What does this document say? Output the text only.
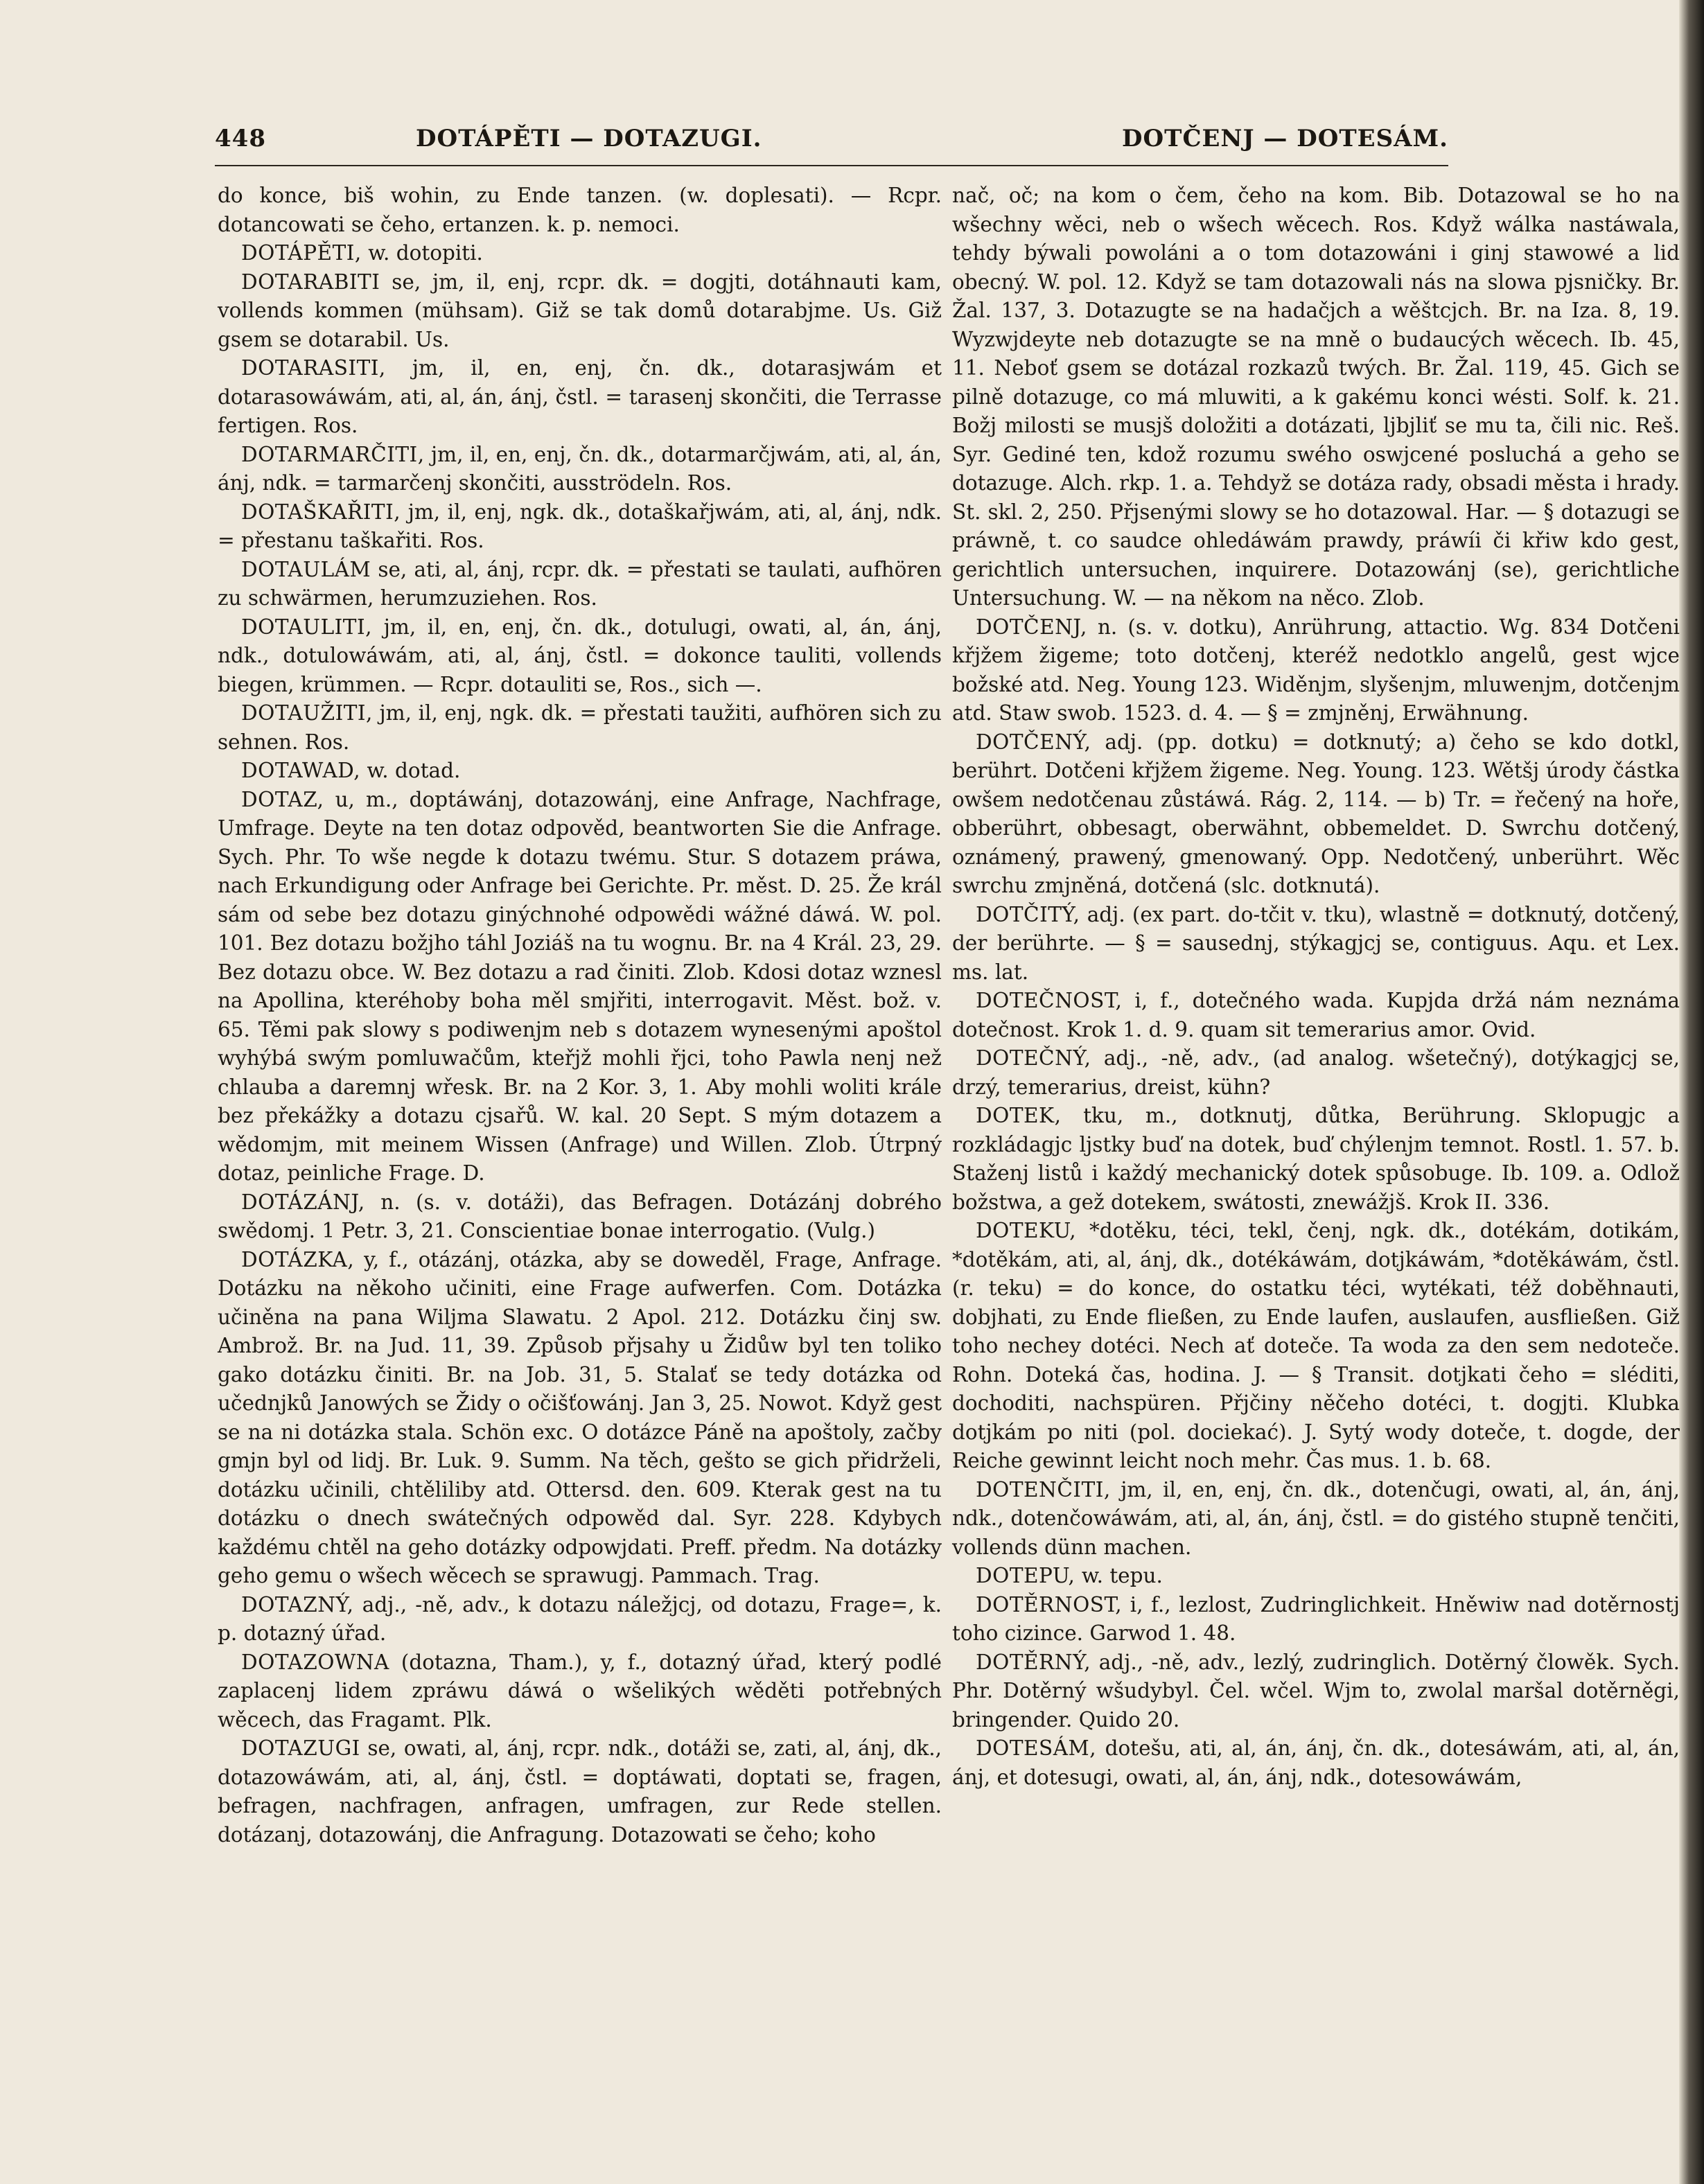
448	DOTÁPĚTI — DOTAZUGI.	DOTČENJ — DOTESÁM.

do konce, biš wohin, zu Ende tanzen. (w. doplesati). — Rcpr. dotancowati se čeho, ertanzen. k. p. nemoci.

DOTÁPĚTI, w. dotopiti.

DOTARABITI se, jm, il, enj, rcpr. dk. = dogjti, dotáhnauti kam, vollends kommen (mühsam). Giž se tak domů dotarabjme. Us. Giž gsem se dotarabil. Us.

DOTARASITI, jm, il, en, enj, čn. dk., dotarasjwám et dotarasowáwám, ati, al, án, ánj, čstl. = tarasenj skončiti, die Terrasse fertigen. Ros.

DOTARMARČITI, jm, il, en, enj, čn. dk., dotarmarčjwám, ati, al, án, ánj, ndk. = tarmarčenj skončiti, ausströdeln. Ros.

DOTAŠKAŘITI, jm, il, enj, ngk. dk., dotaškařjwám, ati, al, ánj, ndk. = přestanu taškařiti. Ros.

DOTAULÁM se, ati, al, ánj, rcpr. dk. = přestati se taulati, aufhören zu schwärmen, herumzuziehen. Ros.

DOTAULITI, jm, il, en, enj, čn. dk., dotulugi, owati, al, án, ánj, ndk., dotulowáwám, ati, al, ánj, čstl. = dokonce tauliti, vollends biegen, krümmen. — Rcpr. dotauliti se, Ros., sich —.

DOTAUŽITI, jm, il, enj, ngk. dk. = přestati taužiti, aufhören sich zu sehnen. Ros.

DOTAWAD, w. dotad.

DOTAZ, u, m., doptáwánj, dotazowánj, eine Anfrage, Nachfrage, Umfrage. Deyte na ten dotaz odpověd, beantworten Sie die Anfrage. Sych. Phr. To wše negde k dotazu twému. Stur. S dotazem práwa, nach Erkundigung oder Anfrage bei Gerichte. Pr. měst. D. 25. Že král sám od sebe bez dotazu ginýchnohé odpowědi wážné dáwá. W. pol. 101. Bez dotazu božjho táhl Joziáš na tu wognu. Br. na 4 Král. 23, 29. Bez dotazu obce. W. Bez dotazu a rad činiti. Zlob. Kdosi dotaz wznesl na Apollina, kteréhoby boha měl smjřiti, interrogavit. Měst. bož. v. 65. Těmi pak slowy s podiwenjm neb s dotazem wynesenými apoštol wyhýbá swým pomluwačům, kteřjž mohli řjci, toho Pawla nenj než chlauba a daremnj wřesk. Br. na 2 Kor. 3, 1. Aby mohli woliti krále bez překážky a dotazu cjsařů. W. kal. 20 Sept. S mým dotazem a wědomjm, mit meinem Wissen (Anfrage) und Willen. Zlob. Útrpný dotaz, peinliche Frage. D.

DOTÁZÁNJ, n. (s. v. dotáži), das Befragen. Dotázánj dobrého swědomj. 1 Petr. 3, 21. Conscientiae bonae interrogatio. (Vulg.)

DOTÁZKA, y, f., otázánj, otázka, aby se doweděl, Frage, Anfrage. Dotázku na někoho učiniti, eine Frage aufwerfen. Com. Dotázka učiněna na pana Wiljma Slawatu. 2 Apol. 212. Dotázku činj sw. Ambrož. Br. na Jud. 11, 39. Způsob přjsahy u Židůw byl ten toliko gako dotázku činiti. Br. na Job. 31, 5. Stalať se tedy dotázka od učednjků Janowých se Židy o očišťowánj. Jan 3, 25. Nowot. Když gest se na ni dotázka stala. Schön exc. O dotázce Páně na apoštoly, začby gmjn byl od lidj. Br. Luk. 9. Summ. Na těch, gešto se gich přidrželi, dotázku učinili, chtěliliby atd. Ottersd. den. 609. Kterak gest na tu dotázku o dnech swátečných odpowěd dal. Syr. 228. Kdybych každému chtěl na geho dotázky odpowjdati. Preff. předm. Na dotázky geho gemu o wšech wěcech se sprawugj. Pammach. Trag.

DOTAZNÝ, adj., -ně, adv., k dotazu náležjcj, od dotazu, Frage=, k. p. dotazný úřad.

DOTAZOWNA (dotazna, Tham.), y, f., dotazný úřad, který podlé zaplacenj lidem zpráwu dáwá o wšelikých wěděti potřebných wěcech, das Fragamt. Plk.

DOTAZUGI se, owati, al, ánj, rcpr. ndk., dotáži se, zati, al, ánj, dk., dotazowáwám, ati, al, ánj, čstl. = doptáwati, doptati se, fragen, befragen, nachfragen, anfragen, umfragen, zur Rede stellen. dotázanj, dotazowánj, die Anfragung. Dotazowati se čeho; koho

nač, oč; na kom o čem, čeho na kom. Bib. Dotazowal se ho na wšechny wěci, neb o wšech wěcech. Ros. Když wálka nastáwala, tehdy býwali powoláni a o tom dotazowáni i ginj stawowé a lid obecný. W. pol. 12. Když se tam dotazowali nás na slowa pjsničky. Br. Žal. 137, 3. Dotazugte se na hadačjch a wěštcjch. Br. na Iza. 8, 19. Wyzwjdeyte neb dotazugte se na mně o budaucých wěcech. Ib. 45, 11. Neboť gsem se dotázal rozkazů twých. Br. Žal. 119, 45. Gich se pilně dotazuge, co má mluwiti, a k gakému konci wésti. Solf. k. 21. Božj milosti se musjš doložiti a dotázati, ljbjliť se mu ta, čili nic. Reš. Syr. Gediné ten, kdož rozumu swého oswjcené posluchá a geho se dotazuge. Alch. rkp. 1. a. Tehdyž se dotáza rady, obsadi města i hrady. St. skl. 2, 250. Přjsenými slowy se ho dotazowal. Har. — § dotazugi se práwně, t. co saudce ohledáwám prawdy, práwíi či křiw kdo gest, gerichtlich untersuchen, inquirere. Dotazowánj (se), gerichtliche Untersuchung. W. — na někom na něco. Zlob.

DOTČENJ, n. (s. v. dotku), Anrührung, attactio. Wg. 834 Dotčeni křjžem žigeme; toto dotčenj, kteréž nedotklo angelů, gest wjce božské atd. Neg. Young 123. Widěnjm, slyšenjm, mluwenjm, dotčenjm atd. Staw swob. 1523. d. 4. — § = zmjněnj, Erwähnung.

DOTČENÝ, adj. (pp. dotku) = dotknutý; a) čeho se kdo dotkl, berührt. Dotčeni křjžem žigeme. Neg. Young. 123. Wětšj úrody částka owšem nedotčenau zůstáwá. Rág. 2, 114. — b) Tr. = řečený na hoře, obberührt, obbesagt, oberwähnt, obbemeldet. D. Swrchu dotčený, oznámený, prawený, gmenowaný. Opp. Nedotčený, unberührt. Wěc swrchu zmjněná, dotčená (slc. dotknutá).

DOTČITÝ, adj. (ex part. do-tčit v. tku), wlastně = dotknutý, dotčený, der berührte. — § = sausednj, stýkagjcj se, contiguus. Aqu. et Lex. ms. lat.

DOTEČNOST, i, f., dotečného wada. Kupjda držá nám neznáma dotečnost. Krok 1. d. 9. quam sit temerarius amor. Ovid.

DOTEČNÝ, adj., -ně, adv., (ad analog. wšetečný), dotýkagjcj se, drzý, temerarius, dreist, kühn?

DOTEK, tku, m., dotknutj, důtka, Berührung. Sklopugjc a rozkládagjc ljstky buď na dotek, buď chýlenjm temnot. Rostl. 1. 57. b. Staženj listů i každý mechanický dotek spůsobuge. Ib. 109. a. Odlož božstwa, a gež dotekem, swátosti, znewážjš. Krok II. 336.

DOTEKU, *dotěku, téci, tekl, čenj, ngk. dk., dotékám, dotikám, *dotěkám, ati, al, ánj, dk., dotékáwám, dotjkáwám, *dotěkáwám, čstl. (r. teku) = do konce, do ostatku téci, wytékati, též doběhnauti, dobjhati, zu Ende fließen, zu Ende laufen, auslaufen, ausfließen. Giž toho nechey dotéci. Nech ať doteče. Ta woda za den sem nedoteče. Rohn. Doteká čas, hodina. J. — § Transit. dotjkati čeho = sléditi, dochoditi, nachspüren. Přjčiny něčeho dotéci, t. dogjti. Klubka dotjkám po niti (pol. dociekać). J. Sytý wody doteče, t. dogde, der Reiche gewinnt leicht noch mehr. Čas mus. 1. b. 68.

DOTENČITI, jm, il, en, enj, čn. dk., dotenčugi, owati, al, án, ánj, ndk., dotenčowáwám, ati, al, án, ánj, čstl. = do gistého stupně tenčiti, vollends dünn machen.

DOTEPU, w. tepu.

DOTĚRNOST, i, f., lezlost, Zudringlichkeit. Hněwiw nad dotěrnostj toho cizince. Garwod 1. 48.

DOTĚRNÝ, adj., -ně, adv., lezlý, zudringlich. Dotěrný člowěk. Sych. Phr. Dotěrný wšudybyl. Čel. wčel. Wjm to, zwolal maršal dotěrněgi, bringender. Quido 20.

DOTESÁM, dotešu, ati, al, án, ánj, čn. dk., dotesáwám, ati, al, án, ánj, et dotesugi, owati, al, án, ánj, ndk., dotesowáwám,
